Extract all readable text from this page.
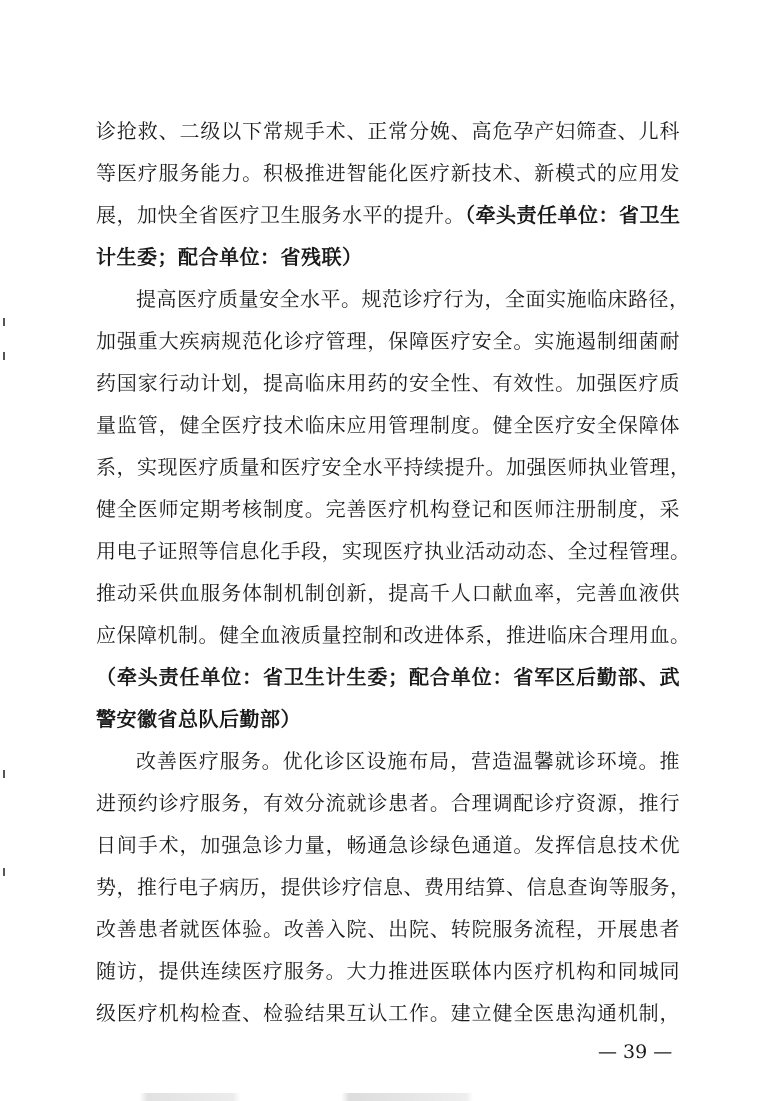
诊抢救、二级以下常规手术、正常分娩、高危孕产妇筛查、儿科
等医疗服务能力。积极推进智能化医疗新技术、新模式的应用发
展，加快全省医疗卫生服务水平的提升。（牵头责任单位：省卫生
计生委；配合单位：省残联）
提高医疗质量安全水平。规范诊疗行为，全面实施临床路径，
加强重大疾病规范化诊疗管理，保障医疗安全。实施遏制细菌耐
药国家行动计划，提高临床用药的安全性、有效性。加强医疗质
量监管，健全医疗技术临床应用管理制度。健全医疗安全保障体
系，实现医疗质量和医疗安全水平持续提升。加强医师执业管理，
健全医师定期考核制度。完善医疗机构登记和医师注册制度，采
用电子证照等信息化手段，实现医疗执业活动动态、全过程管理。
推动采供血服务体制机制创新，提高千人口献血率，完善血液供
应保障机制。健全血液质量控制和改进体系，推进临床合理用血。
（牵头责任单位：省卫生计生委；配合单位：省军区后勤部、武
警安徽省总队后勤部）
改善医疗服务。优化诊区设施布局，营造温馨就诊环境。推
进预约诊疗服务，有效分流就诊患者。合理调配诊疗资源，推行
日间手术，加强急诊力量，畅通急诊绿色通道。发挥信息技术优
势，推行电子病历，提供诊疗信息、费用结算、信息查询等服务，
改善患者就医体验。改善入院、出院、转院服务流程，开展患者
随访，提供连续医疗服务。大力推进医联体内医疗机构和同城同
级医疗机构检查、检验结果互认工作。建立健全医患沟通机制，
— 39 —
